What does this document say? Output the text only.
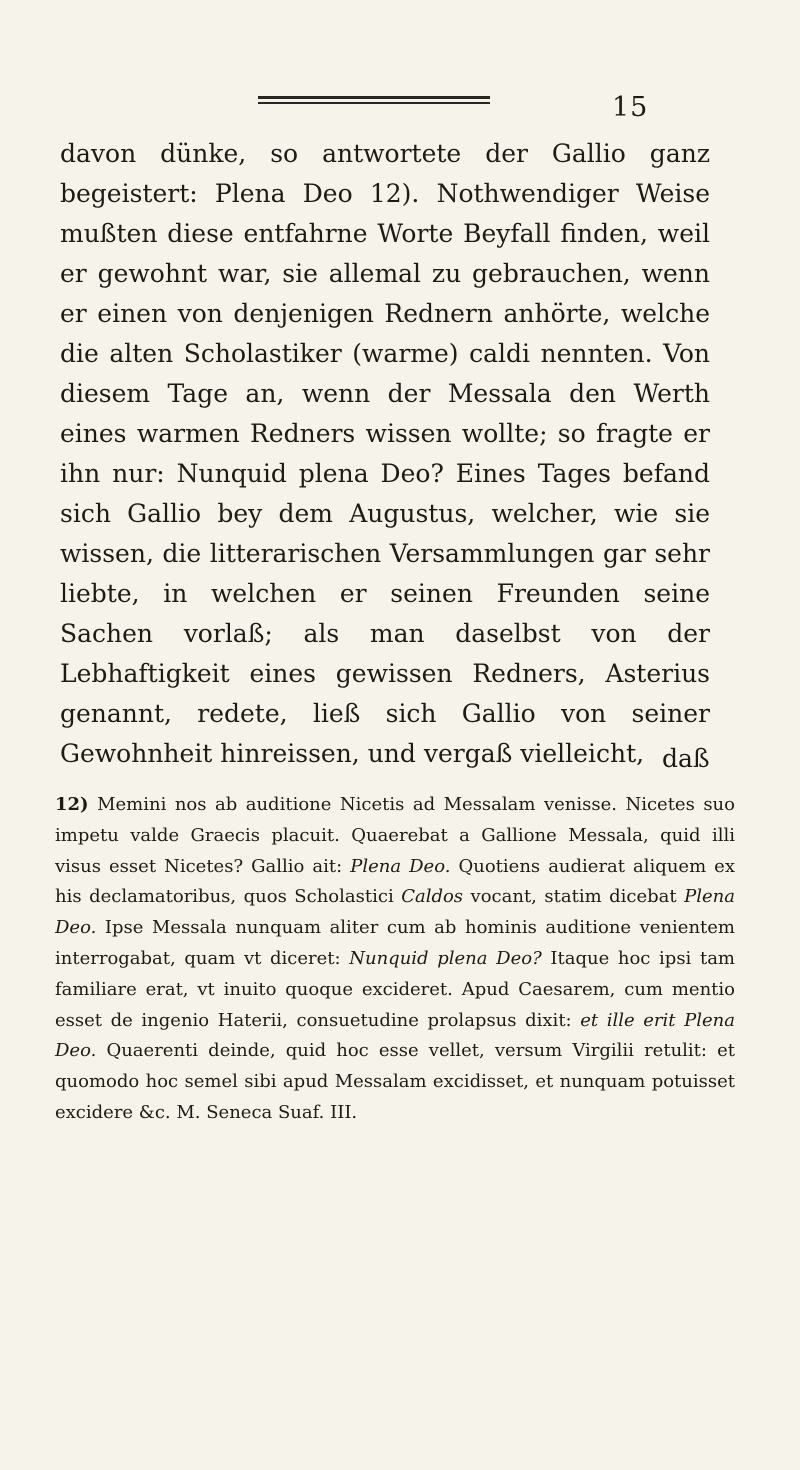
15

davon dünke, so antwortete der Gallio ganz begeistert: Plena Deo 12). Nothwendiger Weise mußten diese entfahrne Worte Beyfall finden, weil er gewohnt war, sie allemal zu gebrauchen, wenn er einen von denjenigen Rednern anhörte, welche die alten Scholastiker (warme) caldi nennten. Von diesem Tage an, wenn der Messala den Werth eines warmen Redners wissen wollte; so fragte er ihn nur: Nunquid plena Deo? Eines Tages befand sich Gallio bey dem Augustus, welcher, wie sie wissen, die litterarischen Versammlungen gar sehr liebte, in welchen er seinen Freunden seine Sachen vorlaß; als man daselbst von der Lebhaftigkeit eines gewissen Redners, Asterius genannt, redete, ließ sich Gallio von seiner Gewohnheit hinreissen, und vergaß vielleicht, daß

12) Memini nos ab auditione Nicetis ad Messalam venisse. Nicetes suo impetu valde Graecis placuit. Quaerebat a Gallione Messala, quid illi visus esset Nicetes? Gallio ait: Plena Deo. Quotiens audierat aliquem ex his declamatoribus, quos Scholastici Caldos vocant, statim dicebat Plena Deo. Ipse Messala nunquam aliter cum ab hominis auditione venientem interrogabat, quam vt diceret: Nunquid plena Deo? Itaque hoc ipsi tam familiare erat, vt inuito quoque excideret. Apud Caesarem, cum mentio esset de ingenio Haterii, consuetudine prolapsus dixit: et ille erit Plena Deo. Quaerenti deinde, quid hoc esse vellet, versum Virgilii retulit: et quomodo hoc semel sibi apud Messalam excidisset, et nunquam potuisset excidere &c. M. Seneca Suaf. III.
